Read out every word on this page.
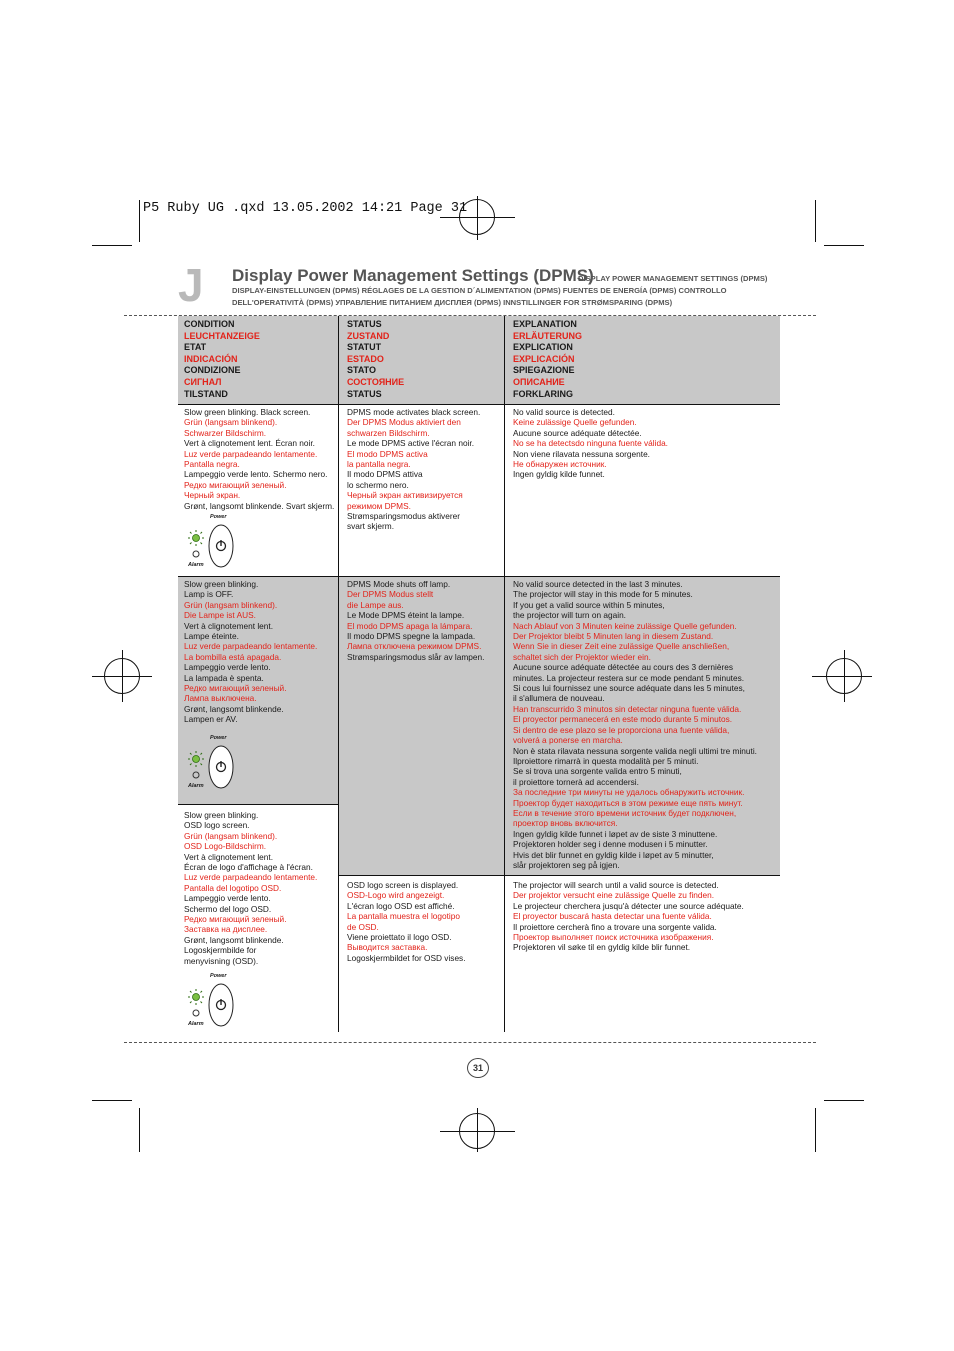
P5 Ruby UG .qxd 13.05.2002 14:21 Page 31
J Display Power Management Settings (DPMS)
DISPLAY POWER MANAGEMENT SETTINGS (DPMS)
DISPLAY-EINSTELLUNGEN (DPMS) RÉGLAGES DE LA GESTION D´ALIMENTATION (DPMS) FUENTES DE ENERGÍA (DPMS) CONTROLLO DELL'OPERATIVITÀ (DPMS) УПРАВЛЕНИЕ ПИТАНИЕМ ДИСПЛЕЯ (DPMS) INNSTILLINGER FOR STRØMSPARING (DPMS)
CONDITION
LEUCHTANZEIGE
ETAT
INDICACIÓN
CONDIZIONE
СИГНАЛ
TILSTAND
STATUS
ZUSTAND
STATUT
ESTADO
STATO
СОСТОЯНИЕ
STATUS
EXPLANATION
ERLÄUTERUNG
EXPLICATION
EXPLICACIÓN
SPIEGAZIONE
ОПИСАНИЕ
FORKLARING
Slow green blinking. Black screen.
Grün (langsam blinkend).
Schwarzer Bildschirm.
Vert à clignotement lent. Écran noir.
Luz verde parpadeando lentamente.
Pantalla negra.
Lampeggio verde lento. Schermo nero.
Редко мигающий зеленый.
Черный экран.
Grønt, langsomt blinkende. Svart skjerm.
DPMS mode activates black screen.
Der DPMS Modus aktiviert den
schwarzen Bildschirm.
Le mode DPMS active l'écran noir.
El modo DPMS activa
la pantalla negra.
Il modo DPMS attiva
lo schermo nero.
Черный экран активизируется
режимом DPMS.
Strømsparingsmodus aktiverer
svart skjerm.
No valid source is detected.
Keine zulässige Quelle gefunden.
Aucune source adéquate détectée.
No se ha detectsdo ninguna fuente válida.
Non viene rilavata nessuna sorgente.
Не обнаружен источник.
Ingen gyldig kilde funnet.
Slow green blinking.
Lamp is OFF.
Grün (langsam blinkend).
Die Lampe ist AUS.
Vert à clignotement lent.
Lampe éteinte.
Luz verde parpadeando lentamente.
La bombilla está apagada.
Lampeggio verde lento.
La lampada è spenta.
Редко мигающий зеленый.
Лампа выключена.
Grønt, langsomt blinkende.
Lampen er AV.
DPMS Mode shuts off lamp.
Der DPMS Modus stellt
die Lampe aus.
Le Mode DPMS éteint la lampe.
El modo DPMS apaga la lámpara.
Il modo DPMS spegne la lampada.
Лампа отключена режимом DPMS.
Strømsparingsmodus slår av lampen.
No valid source detected in the last 3 minutes.
The projector will stay in this mode for 5 minutes.
If you get a valid source within 5 minutes,
the projector will turn on again.
Nach Ablauf von 3 Minuten keine zulässige Quelle gefunden.
Der Projektor bleibt 5 Minuten lang in diesem Zustand.
Wenn Sie in dieser Zeit eine zulässige Quelle anschließen,
schaltet sich der Projektor wieder ein.
Aucune source adéquate détectée au cours des 3 dernières
minutes. La projecteur restera sur ce mode pendant 5 minutes.
Si cous lui fournissez une source adéquate dans les 5 minutes,
il s'allumera de nouveau.
Han transcurrido 3 minutos sin detectar ninguna fuente válida.
El proyector permanecerá en este modo durante 5 minutos.
Si dentro de ese plazo se le proporciona una fuente válida,
volverá a ponerse en marcha.
Non è stata rilavata nessuna sorgente valida negli ultimi tre minuti.
Ilproiettore rimarrà in questa modalità per 5 minuti.
Se si trova una sorgente valida entro 5 minuti,
il proiettore tornerà ad accendersi.
За последние три минуты не удалось обнаружить источник.
Проектор будет находиться в этом режиме еще пять минут.
Если в течение этого времени источник будет подключен,
проектор вновь включится.
Ingen gyldig kilde funnet i løpet av de siste 3 minuttene.
Projektoren holder seg i denne modusen i 5 minutter.
Hvis det blir funnet en gyldig kilde i løpet av 5 minutter,
slår projektoren seg på igjen.
Slow green blinking.
OSD logo screen.
Grün (langsam blinkend).
OSD Logo-Bildschirm.
Vert à clignotement lent.
Écran de logo d'affichage à l'écran.
Luz verde parpadeando lentamente.
Pantalla del logotipo OSD.
Lampeggio verde lento.
Schermo del logo OSD.
Редко мигающий зеленый.
Заставка на дисплее.
Grønt, langsomt blinkende.
Logoskjermbilde for
menyvisning (OSD).
OSD logo screen is displayed.
OSD-Logo wird angezeigt.
L'écran logo OSD est affiché.
La pantalla muestra el logotipo
de OSD.
Viene proiettato il logo OSD.
Выводится заставка.
Logoskjermbildet for OSD vises.
The projector will search until a valid source is detected.
Der projektor versucht eine zulässige Quelle zu finden.
Le projecteur cherchera jusqu'à détecter une source adéquate.
El proyector buscará hasta detectar una fuente válida.
Il proiettore cercherà fino a trovare una sorgente valida.
Проектор выполняет поиск источника изображения.
Projektoren vil søke til en gyldig kilde blir funnet.
Power
Alarm
Power
Alarm
Power
Alarm
31
